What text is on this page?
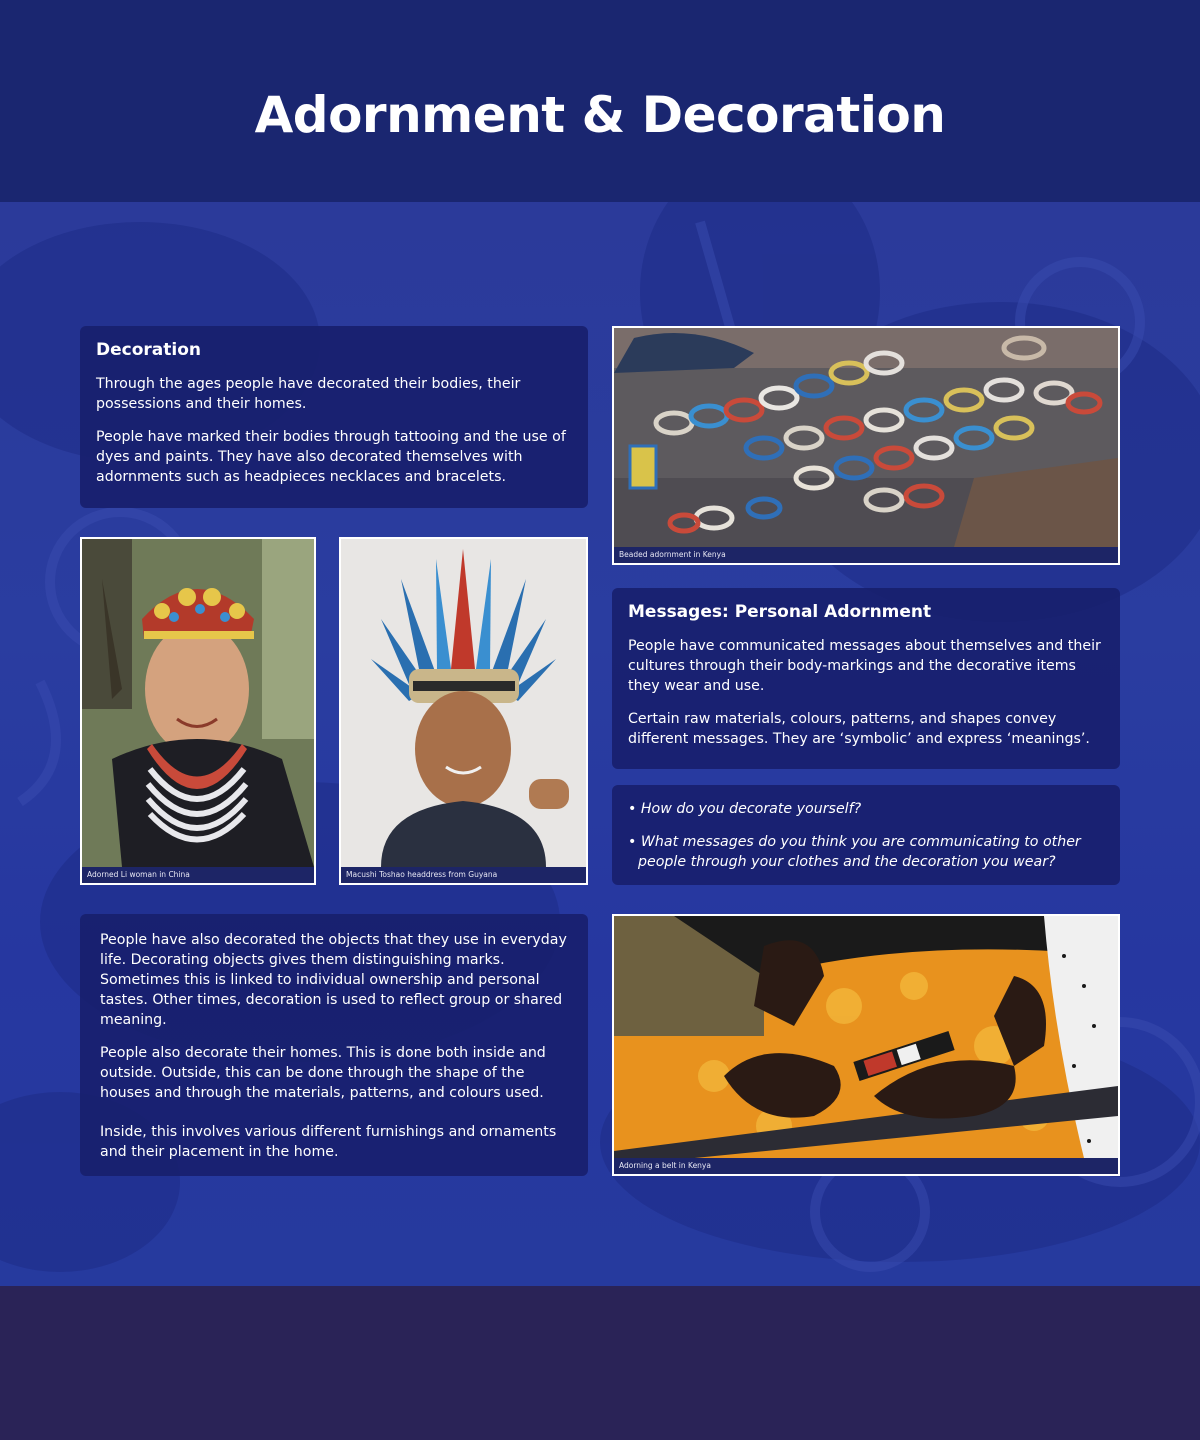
Adornment & Decoration
Decoration

Through the ages people have decorated their bodies, their possessions and their homes.

People have marked their bodies through tattooing and the use of dyes and paints. They have also decorated themselves with adornments such as headpieces necklaces and bracelets.

Beaded adornment in Kenya
Adorned Li woman in China	Macushi Toshao headdress from Guyana
Messages: Personal Adornment

People have communicated messages about themselves and their cultures through their body-markings and the decorative items they wear and use.

Certain raw materials, colours, patterns, and shapes convey different messages. They are ‘symbolic’ and express ‘meanings’.

• How do you decorate yourself?

• What messages do you think you are communicating to other people through your clothes and the decoration you wear?

People have also decorated the objects that they use in everyday life. Decorating objects gives them distinguishing marks. Sometimes this is linked to individual ownership and personal tastes. Other times, decoration is used to reflect group or shared meaning.

People also decorate their homes. This is done both inside and outside. Outside, this can be done through the shape of the houses and through the materials, patterns, and colours used.

Inside, this involves various different furnishings and ornaments and their placement in the home.

Adorning a belt in Kenya
